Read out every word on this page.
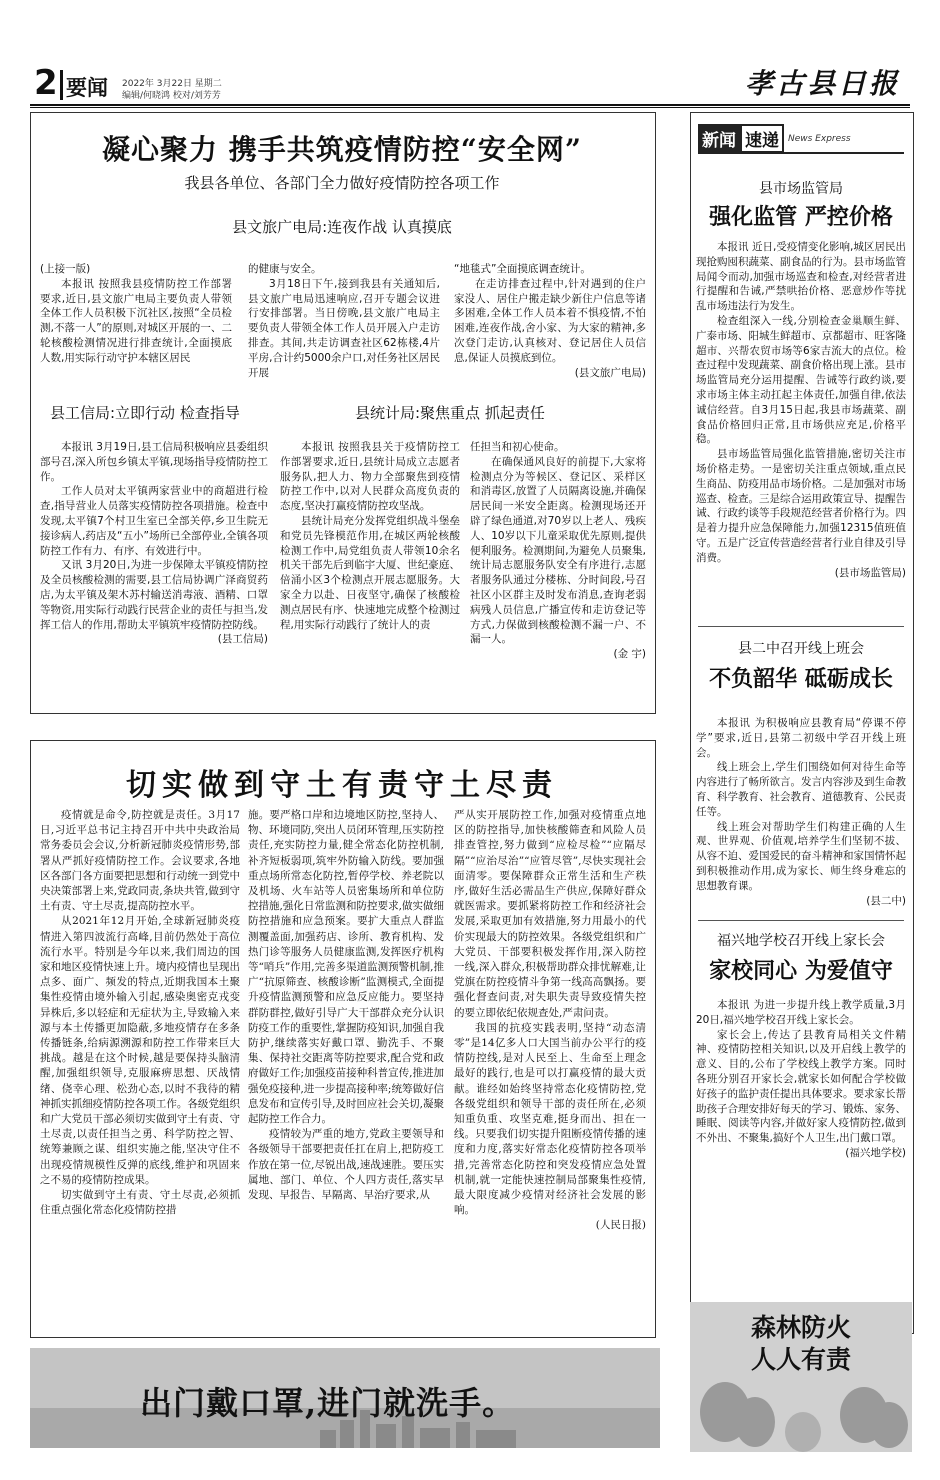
2 要闻 2022年 3月22日 星期二
编辑/何晓鸿 校对/刘芳芳	孝古县日报
凝心聚力 携手共筑疫情防控“安全网”
我县各单位、各部门全力做好疫情防控各项工作
县文旅广电局:连夜作战 认真摸底

(上接一版)

本报讯 按照我县疫情防控工作部署要求,近日,县文旅广电局主要负责人带领全体工作人员积极下沉社区,按照“全员检测,不落一人”的原则,对城区开展的一、二轮核酸检测情况进行排查统计,全面摸底人数,用实际行动守护本辖区居民

的健康与安全。

3月18日下午,接到我县有关通知后,县文旅广电局迅速响应,召开专题会议进行安排部署。当日傍晚,县文旅广电局主要负责人带领全体工作人员开展入户走访排查。其间,共走访调查社区62栋楼,4片平房,合计约5000余户口,对任务社区居民开展

“地毯式”全面摸底调查统计。

在走访排查过程中,针对遇到的住户家没人、居住户搬走缺少新住户信息等诸多困难,全体工作人员本着不惧疫情,不怕困难,连夜作战,舍小家、为大家的精神,多次登门走访,认真核对、登记居住人员信息,保证人员摸底到位。

(县文旅广电局)
县工信局:立即行动 检查指导	县统计局:聚焦重点 抓起责任

本报讯 3月19日,县工信局积极响应县委组织部号召,深入所包乡镇太平镇,现场指导疫情防控工作。

工作人员对太平镇两家营业中的商超进行检查,指导营业人员落实疫情防控各项措施。检查中发现,太平镇7个村卫生室已全部关停,乡卫生院无接诊病人,药店及“五小”场所已全部停业,全镇各项防控工作有力、有序、有效进行中。

又讯 3月20日,为进一步保障太平镇疫情防控及全员核酸检测的需要,县工信局协调广泽商贸药店,为太平镇及架木苏村输送消毒液、酒精、口罩等物资,用实际行动践行民营企业的责任与担当,发挥工信人的作用,帮助太平镇筑牢疫情防控防线。

(县工信局)

本报讯 按照我县关于疫情防控工作部署要求,近日,县统计局成立志愿者服务队,把人力、物力全部聚焦到疫情防控工作中,以对人民群众高度负责的态度,坚决打赢疫情防控攻坚战。

县统计局充分发挥党组织战斗堡垒和党员先锋模范作用,在城区两轮核酸检测工作中,局党组负责人带领10余名机关干部先后到临宇大厦、世纪豪庭、倍涌小区3个检测点开展志愿服务。大家全力以赴、日夜坚守,确保了核酸检测点居民有序、快速地完成整个检测过程,用实际行动践行了统计人的责

任担当和初心使命。

在确保通风良好的前提下,大家将检测点分为等候区、登记区、采样区和消毒区,放置了人员隔离设施,并确保居民间一米安全距离。检测现场还开辟了绿色通道,对70岁以上老人、残疾人、10岁以下儿童采取优先原则,提供便利服务。检测期间,为避免人员聚集,统计局志愿服务队安全有序进行,志愿者服务队通过分楼栋、分时间段,号召社区小区群主及时发布消息,查询老弱病残人员信息,广播宣传和走访登记等方式,力保做到核酸检测不漏一户、不漏一人。

(金 宇)
切实做到守土有责守土尽责

疫情就是命令,防控就是责任。3月17日,习近平总书记主持召开中共中央政治局常务委员会会议,分析新冠肺炎疫情形势,部署从严抓好疫情防控工作。会议要求,各地区各部门各方面要把思想和行动统一到党中央决策部署上来,党政同责,条块共管,做到守土有责、守土尽责,提高防控水平。

从2021年12月开始,全球新冠肺炎疫情进入第四波流行高峰,目前仍然处于高位流行水平。特别是今年以来,我们周边的国家和地区疫情快速上升。境内疫情也呈现出点多、面广、频发的特点,近期我国本土聚集性疫情由境外输入引起,感染奥密克戎变异株后,多以轻症和无症状为主,导致输入来源与本土传播更加隐蔽,多地疫情存在多条传播链条,给病源溯源和防控工作带来巨大挑战。越是在这个时候,越是要保持头脑清醒,加强组织领导,克服麻痹思想、厌战情绪、侥幸心理、松劲心态,以时不我待的精神抓实抓细疫情防控各项工作。各级党组织和广大党员干部必须切实做到守土有责、守土尽责,以责任担当之勇、科学防控之智、统筹兼顾之谋、组织实施之能,坚决守住不出现疫情规模性反弹的底线,维护和巩固来之不易的疫情防控成果。

切实做到守土有责、守土尽责,必须抓住重点强化常态化疫情防控措

施。要严格口岸和边境地区防控,坚持人、物、环境同防,突出人员闭环管理,压实防控责任,充实防控力量,健全常态化防控机制,补齐短板弱项,筑牢外防输入防线。要加强重点场所常态化防控,暂停学校、养老院以及机场、火车站等人员密集场所和单位防控措施,强化日常监测和防控要求,做实做细防控措施和应急预案。要扩大重点人群监测覆盖面,加强药店、诊所、教育机构、发热门诊等服务人员健康监测,发挥医疗机构等“哨兵”作用,完善多渠道监测预警机制,推广“抗原筛查、核酸诊断”监测模式,全面提升疫情监测预警和应急反应能力。要坚持群防群控,做好引导广大干部群众充分认识防疫工作的重要性,掌握防疫知识,加强自我防护,继续落实好戴口罩、勤洗手、不聚集、保持社交距离等防控要求,配合党和政府做好工作;加强疫苗接种科普宣传,推进加强免疫接种,进一步提高接种率;统筹做好信息发布和宣传引导,及时回应社会关切,凝聚起防控工作合力。

疫情较为严重的地方,党政主要领导和各级领导干部要把责任扛在肩上,把防疫工作放在第一位,尽锐出战,速战速胜。要压实属地、部门、单位、个人四方责任,落实早发现、早报告、早隔离、早治疗要求,从

严从实开展防控工作,加强对疫情重点地区的防控指导,加快核酸筛查和风险人员排查管控,努力做到“应检尽检”“应隔尽隔”“应治尽治”“应管尽管”,尽快实现社会面清零。要保障群众正常生活和生产秩序,做好生活必需品生产供应,保障好群众就医需求。要抓紧将防控工作和经济社会发展,采取更加有效措施,努力用最小的代价实现最大的防控效果。各级党组织和广大党员、干部要积极发挥作用,深入防控一线,深入群众,积极帮助群众排忧解难,让党旗在防控疫情斗争第一线高高飘扬。要强化督查问责,对失职失责导致疫情失控的要立即依纪依规查处,严肃问责。

我国的抗疫实践表明,坚持“动态清零”是14亿多人口大国当前办公平行的疫情防控线,是对人民至上、生命至上理念最好的践行,也是可以打赢疫情的最大贡献。谁经如始终坚持常态化疫情防控,党各级党组织和领导干部的责任所在,必须知重负重、攻坚克难,挺身而出、担在一线。只要我们切实提升阻断疫情传播的速度和力度,落实好常态化疫情防控各项举措,完善常态化防控和突发疫情应急处置机制,就一定能快速控制局部聚集性疫情,最大限度减少疫情对经济社会发展的影响。

(人民日报)
出门戴口罩,进门就洗手。
新闻 速递 News Express
县市场监管局
强化监管 严控价格

本报讯 近日,受疫情变化影响,城区居民出现抢购囤积蔬菜、副食品的行为。县市场监管局闻令而动,加强市场巡查和检查,对经营者进行提醒和告诫,严禁哄抬价格、恶意炒作等扰乱市场违法行为发生。

检查组深入一线,分别检查金巢顺生鲜、广泰市场、阳城生鲜超市、京都超市、旺客隆超市、兴帮农贸市场等6家吉流大的点位。检查过程中发现蔬菜、副食价格出现上涨。县市场监管局充分运用提醒、告诫等行政约谈,要求市场主体主动扛起主体责任,加强自律,依法诚信经营。自3月15日起,我县市场蔬菜、副食品价格回归正常,且市场供应充足,价格平稳。

县市场监管局强化监管措施,密切关注市场价格走势。一是密切关注重点领域,重点民生商品、防疫用品市场价格。二是加强对市场巡查、检查。三是综合运用政策宣导、提醒告诫、行政约谈等手段规范经营者价格行为。四是着力提升应急保障能力,加强12315值班值守。五是广泛宣传营造经营者行业自律及引导消费。

(县市场监管局)
县二中召开线上班会
不负韶华 砥砺成长

本报讯 为积极响应县教育局“停课不停学”要求,近日,县第二初级中学召开线上班会。

线上班会上,学生们围绕如何对待生命等内容进行了畅所欲言。发言内容涉及到生命教育、科学教育、社会教育、道德教育、公民责任等。

线上班会对帮助学生们构建正确的人生观、世界观、价值观,培养学生们坚韧不拔、从容不迫、爱国爱民的奋斗精神和家国情怀起到积极推动作用,成为家长、师生终身难忘的思想教育课。

(县二中)
福兴地学校召开线上家长会
家校同心 为爱值守

本报讯 为进一步提升线上教学质量,3月20日,福兴地学校召开线上家长会。

家长会上,传达了县教育局相关文件精神、疫情防控相关知识,以及开启线上教学的意义、目的,公布了学校线上教学方案。同时各班分别召开家长会,就家长如何配合学校做好孩子的监护责任提出具体要求。要求家长帮助孩子合理安排好每天的学习、锻炼、家务、睡眠、阅读等内容,并做好家人疫情防控,做到不外出、不聚集,搞好个人卫生,出门戴口罩。

(福兴地学校)
森林防火
人人有责
